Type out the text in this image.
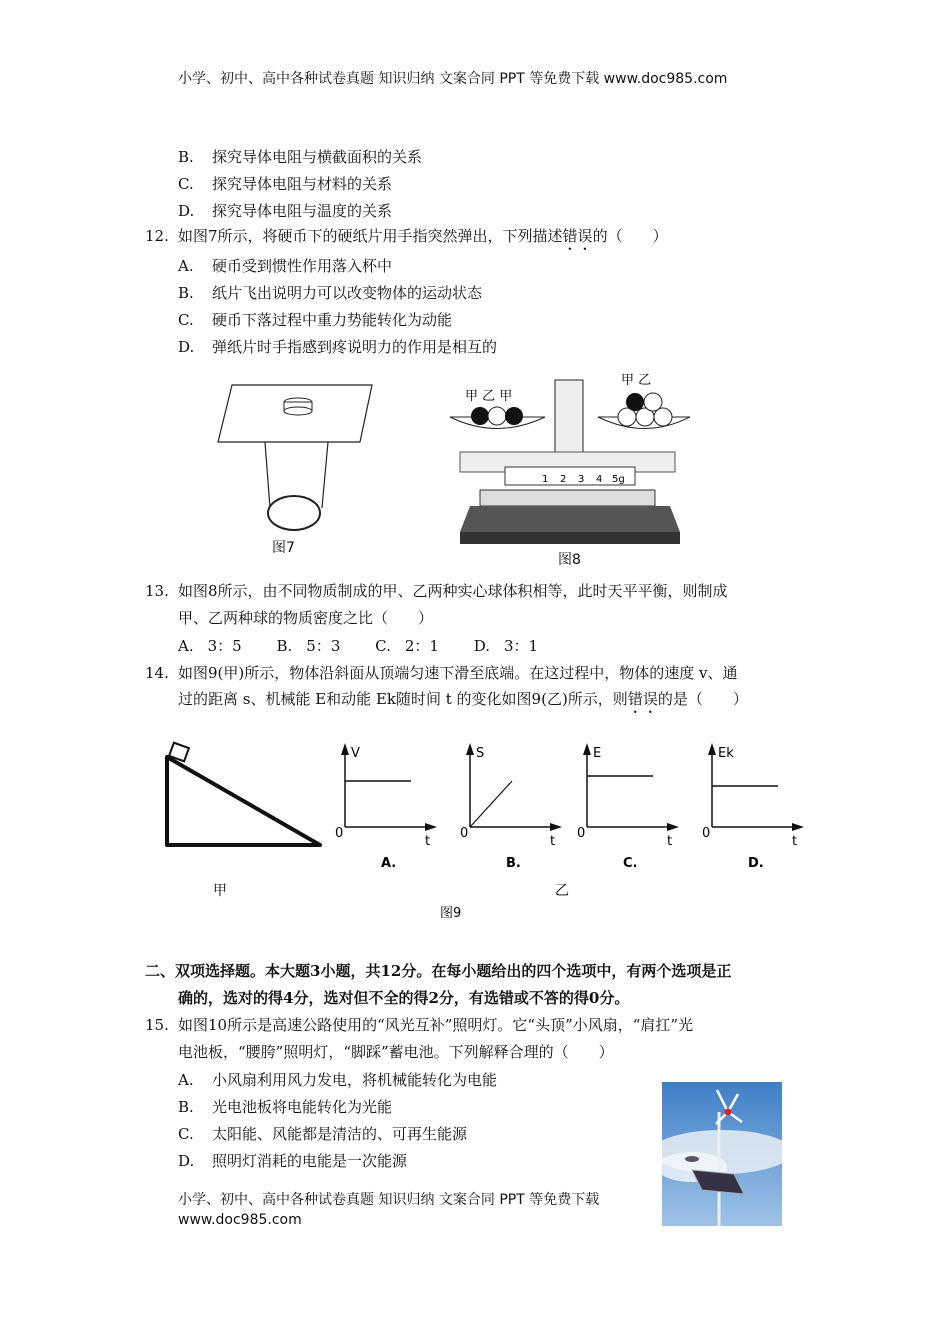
小学、初中、高中各种试卷真题 知识归纳 文案合同 PPT 等免费下载 www.doc985.com
B. 探究导体电阻与横截面积的关系
C. 探究导体电阻与材料的关系
D. 探究导体电阻与温度的关系
12. 如图7所示，将硬币下的硬纸片用手指突然弹出，下列描述错误的（　　）
A. 硬币受到惯性作用落入杯中
B. 纸片飞出说明力可以改变物体的运动状态
C. 硬币下落过程中重力势能转化为动能
D. 弹纸片时手指感到疼说明力的作用是相互的
图7
甲 乙 甲
甲 乙
1 2 3 4 5g
图8
13. 如图8所示，由不同物质制成的甲、乙两种实心球体积相等，此时天平平衡，则制成
甲、乙两种球的物质密度之比（　　）
A. 3：5 B. 5：3 C. 2：1 D. 3：1
14. 如图9(甲)所示，物体沿斜面从顶端匀速下滑至底端。在这过程中，物体的速度 v、通
过的距离 s、机械能 E和动能 Ek随时间 t 的变化如图9(乙)所示，则错误的是（　　）
甲	乙
图9
V
0
t
A.
S
0
t
B.
E
0
t
C.
Ek
0
t
D.
二、双项选择题。本大题3小题，共12分。在每小题给出的四个选项中，有两个选项是正
确的，选对的得4分，选对但不全的得2分，有选错或不答的得0分。
15. 如图10所示是高速公路使用的“风光互补”照明灯。它“头顶”小风扇，“肩扛”光
电池板，“腰胯”照明灯，“脚踩”蓄电池。下列解释合理的（　　）
A. 小风扇利用风力发电，将机械能转化为电能
B. 光电池板将电能转化为光能
C. 太阳能、风能都是清洁的、可再生能源
D. 照明灯消耗的电能是一次能源
小学、初中、高中各种试卷真题 知识归纳 文案合同 PPT 等免费下载 www.doc985.com
